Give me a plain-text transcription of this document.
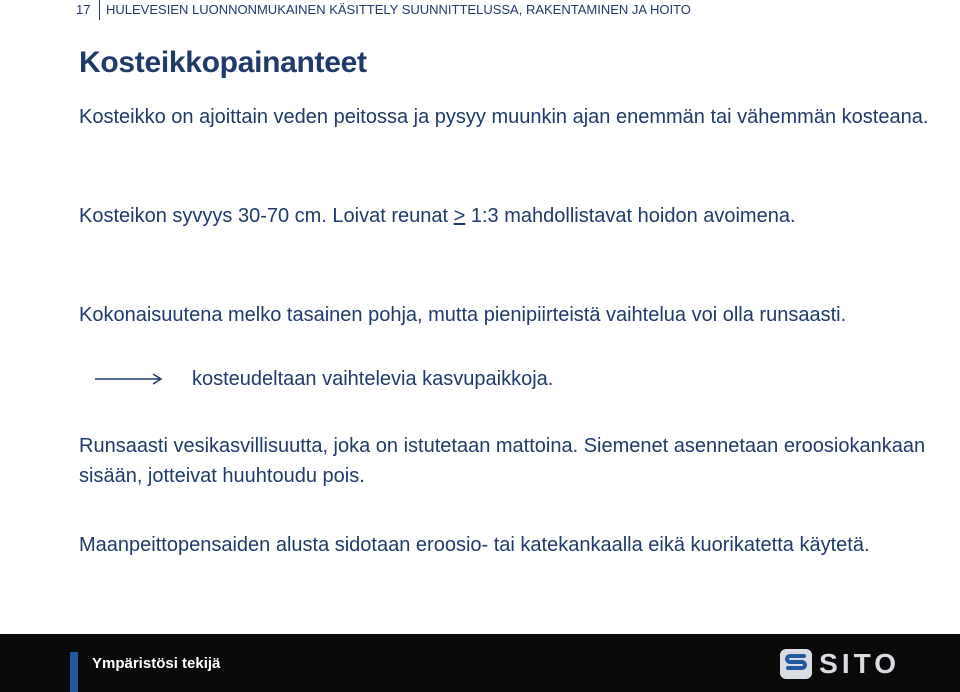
17	HULEVESIEN LUONNONMUKAINEN KÄSITTELY SUUNNITTELUSSA, RAKENTAMINEN JA HOITO
Kosteikkopainanteet

Kosteikko on ajoittain veden peitossa ja pysyy muunkin ajan enemmän tai vähemmän kosteana.

Kosteikon syvyys 30-70 cm. Loivat reunat ≥ 1:3 mahdollistavat hoidon avoimena.

Kokonaisuutena melko tasainen pohja, mutta pienipiirteistä vaihtelua voi olla runsaasti.

kosteudeltaan vaihtelevia kasvupaikkoja.

Runsaasti vesikasvillisuutta, joka on istutetaan mattoina. Siemenet asennetaan eroosiokankaan sisään, jotteivat huuhtoudu pois.

Maanpeittopensaiden alusta sidotaan eroosio- tai katekankaalla eikä kuorikatetta käytetä.

Ympäristösi tekijä	SITO
